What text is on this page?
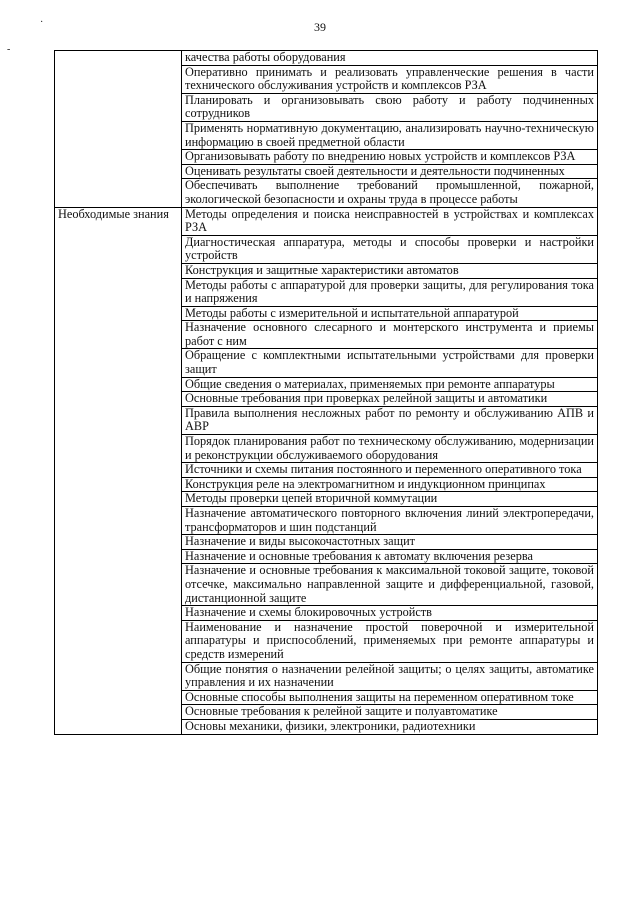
39
·
-
	качества работы оборудования
	Оперативно принимать и реализовать управленческие решения в части технического обслуживания устройств и комплексов РЗА
	Планировать и организовывать свою работу и работу подчиненных сотрудников
	Применять нормативную документацию, анализировать научно-техническую информацию в своей предметной области
	Организовывать работу по внедрению новых устройств и комплексов РЗА
	Оценивать результаты своей деятельности и деятельности подчиненных
	Обеспечивать выполнение требований промышленной, пожарной, экологической безопасности и охраны труда в процессе работы
Необходимые знания	Методы определения и поиска неисправностей в устройствах и комплексах РЗА
	Диагностическая аппаратура, методы и способы проверки и настройки устройств
	Конструкция и защитные характеристики автоматов
	Методы работы с аппаратурой для проверки защиты, для регулирования тока и напряжения
	Методы работы с измерительной и испытательной аппаратурой
	Назначение основного слесарного и монтерского инструмента и приемы работ с ним
	Обращение с комплектными испытательными устройствами для проверки защит
	Общие сведения о материалах, применяемых при ремонте аппаратуры
	Основные требования при проверках релейной защиты и автоматики
	Правила выполнения несложных работ по ремонту и обслуживанию АПВ и АВР
	Порядок планирования работ по техническому обслуживанию, модернизации и реконструкции обслуживаемого оборудования
	Источники и схемы питания постоянного и переменного оперативного тока
	Конструкция реле на электромагнитном и индукционном принципах
	Методы проверки цепей вторичной коммутации
	Назначение автоматического повторного включения линий электропередачи, трансформаторов и шин подстанций
	Назначение и виды высокочастотных защит
	Назначение и основные требования к автомату включения резерва
	Назначение и основные требования к максимальной токовой защите, токовой отсечке, максимально направленной защите и дифференциальной, газовой, дистанционной защите
	Назначение и схемы блокировочных устройств
	Наименование и назначение простой поверочной и измерительной аппаратуры и приспособлений, применяемых при ремонте аппаратуры и средств измерений
	Общие понятия о назначении релейной защиты; о целях защиты, автоматике управления и их назначении
	Основные способы выполнения защиты на переменном оперативном токе
	Основные требования к релейной защите и полуавтоматике
	Основы механики, физики, электроники, радиотехники
